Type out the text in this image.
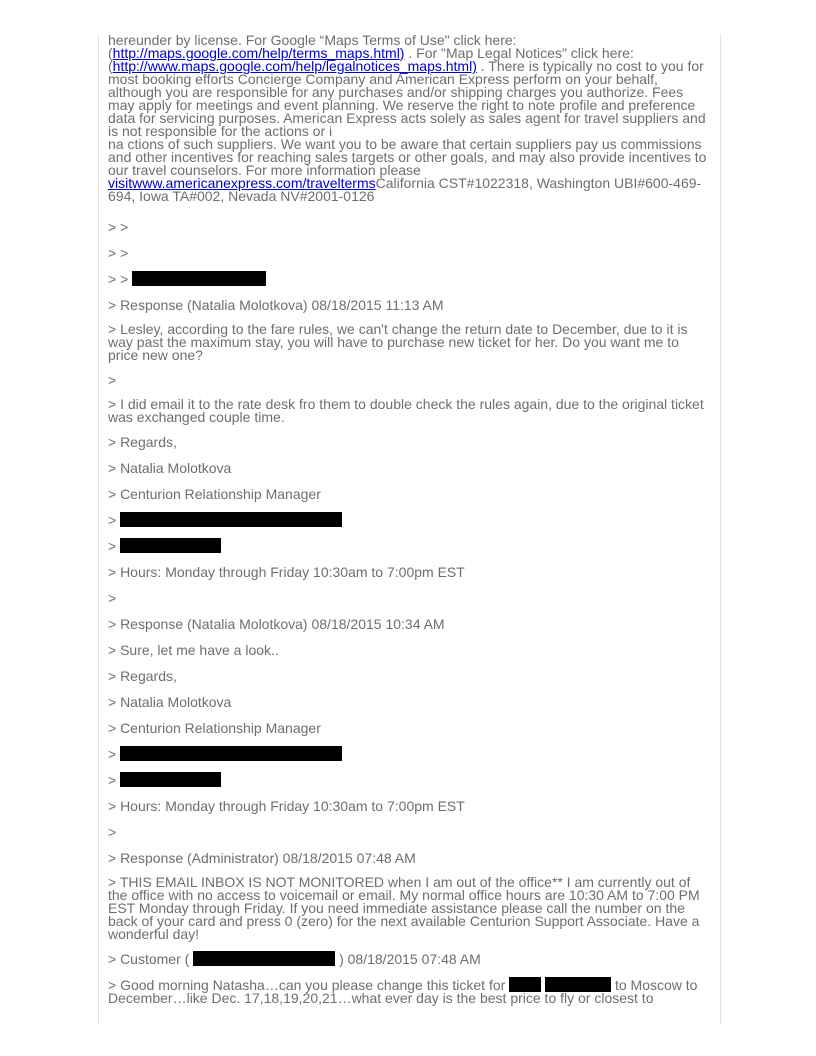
hereunder by license. For Google “Maps Terms of Use" click here: (http://maps.google.com/help/terms_maps.html) . For "Map Legal Notices" click here: (http://www.maps.google.com/help/legalnotices_maps.html) . There is typically no cost to you for most booking efforts Concierge Company and American Express perform on your behalf, although you are responsible for any purchases and/or shipping charges you authorize. Fees may apply for meetings and event planning. We reserve the right to note profile and preference data for servicing purposes. American Express acts solely as sales agent for travel suppliers and is not responsible for the actions or i
na ctions of such suppliers. We want you to be aware that certain suppliers pay us commissions and other incentives for reaching sales targets or other goals, and may also provide incentives to our travel counselors. For more information please visitwww.americanexpress.com/traveltermsCalifornia CST#1022318, Washington UBI#600-469-694, Iowa TA#002, Nevada NV#2001-0126

> >

> >

> >

> Response (Natalia Molotkova) 08/18/2015 11:13 AM

> Lesley, according to the fare rules, we can't change the return date to December, due to it is way past the maximum stay, you will have to purchase new ticket for her. Do you want me to price new one?

>

> I did email it to the rate desk fro them to double check the rules again, due to the original ticket was exchanged couple time.

> Regards,

> Natalia Molotkova

> Centurion Relationship Manager

>

>

> Hours: Monday through Friday 10:30am to 7:00pm EST

>

> Response (Natalia Molotkova) 08/18/2015 10:34 AM

> Sure, let me have a look..

> Regards,

> Natalia Molotkova

> Centurion Relationship Manager

>

>

> Hours: Monday through Friday 10:30am to 7:00pm EST

>

> Response (Administrator) 08/18/2015 07:48 AM

> THIS EMAIL INBOX IS NOT MONITORED when I am out of the office** I am currently out of the office with no access to voicemail or email. My normal office hours are 10:30 AM to 7:00 PM EST Monday through Friday. If you need immediate assistance please call the number on the back of your card and press 0 (zero) for the next available Centurion Support Associate. Have a wonderful day!

> Customer (	) 08/18/2015 07:48 AM

> Good morning Natasha…can you please change this ticket for	to Moscow to December…like Dec. 17,18,19,20,21…what ever day is the best price to fly or closest to
